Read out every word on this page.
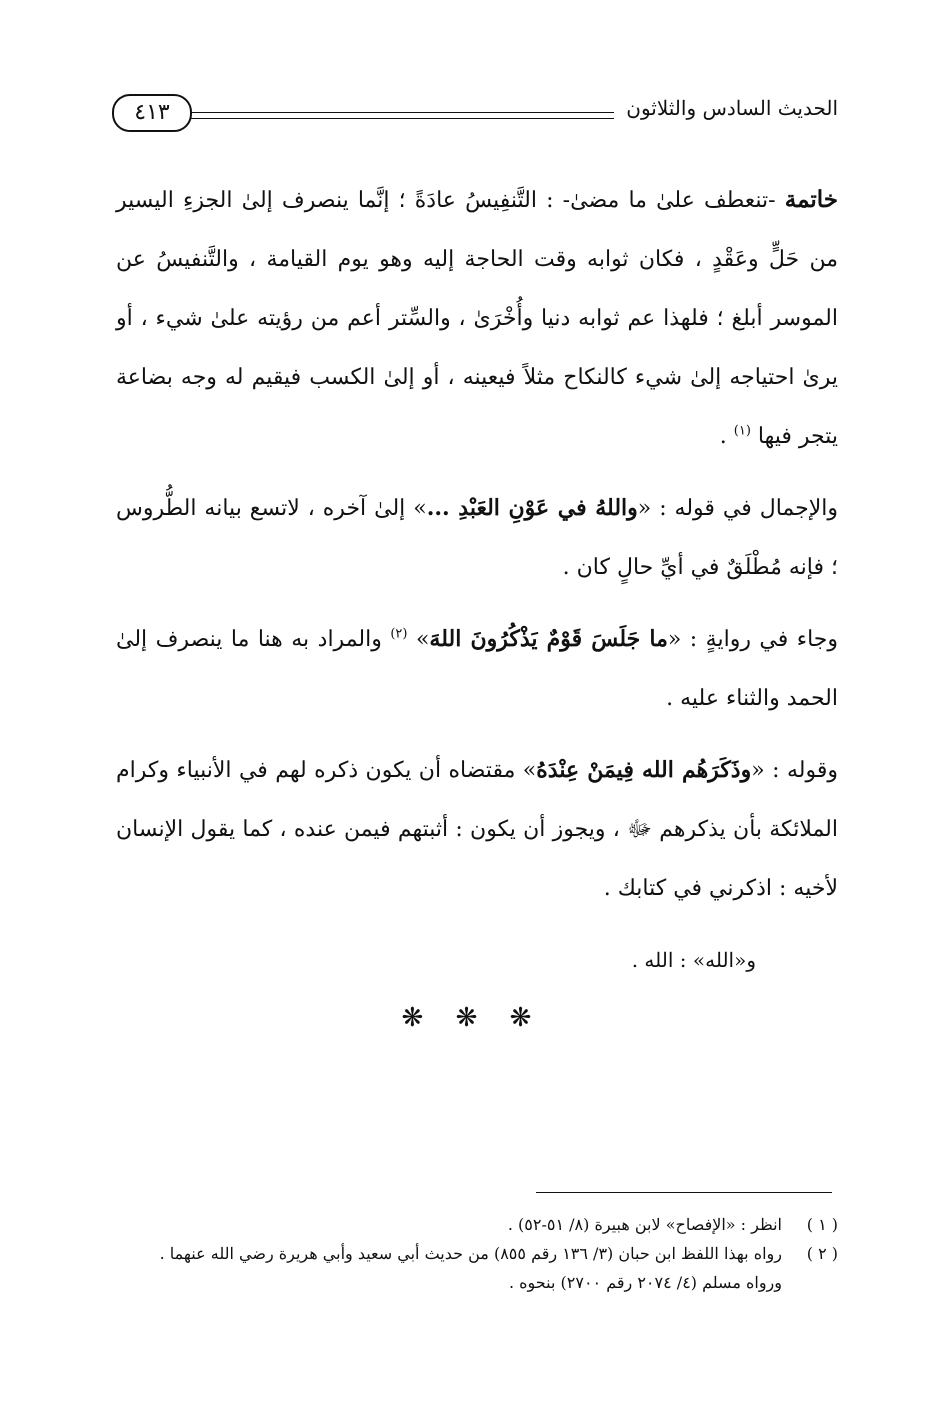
الحديث السادس والثلاثون
٤١٣

خاتمة -تنعطف علىٰ ما مضىٰ- : التَّنفِيسُ عادَةً ؛ إنَّما ينصرف إلىٰ الجزءِ اليسير من حَلٍّ وعَقْدٍ ، فكان ثوابه وقت الحاجة إليه وهو يوم القيامة ، والتَّنفيسُ عن الموسر أبلغ ؛ فلهذا عم ثوابه دنيا وأُخْرَىٰ ، والسِّتر أعم من رؤيته علىٰ شيء ، أو يرىٰ احتياجه إلىٰ شيء كالنكاح مثلاً فيعينه ، أو إلىٰ الكسب فيقيم له وجه بضاعة يتجر فيها $^{(١)}$ .

والإجمال في قوله : «واللهُ في عَوْنِ العَبْدِ ...» إلىٰ آخره ، لاتسع بيانه الطُّروس ؛ فإنه مُطْلَقٌ في أيِّ حالٍ كان .

وجاء في روايةٍ : «ما جَلَسَ قَوْمٌ يَذْكُرُونَ اللهَ» $^{(٢)}$ والمراد به هنا ما ينصرف إلىٰ الحمد والثناء عليه .

وقوله : «وذَكَرَهُم الله فِيمَنْ عِنْدَهُ» مقتضاه أن يكون ذكره لهم في الأنبياء وكرام الملائكة بأن يذكرهم ﷻ ، ويجوز أن يكون : أثبتهم فيمن عنده ، كما يقول الإنسان لأخيه : اذكرني في كتابك .

و«الله» : الله .

❋ ❋ ❋

( ١ )
انظر : «الإفصاح» لابن هبيرة (٨/ ٥١-٥٢) .

( ٢ )
رواه بهذا اللفظ ابن حبان (٣/ ١٣٦ رقم ٨٥٥) من حديث أبي سعيد وأبي هريرة رضي الله عنهما .

ورواه مسلم (٤/ ٢٠٧٤ رقم ٢٧٠٠) بنحوه .
